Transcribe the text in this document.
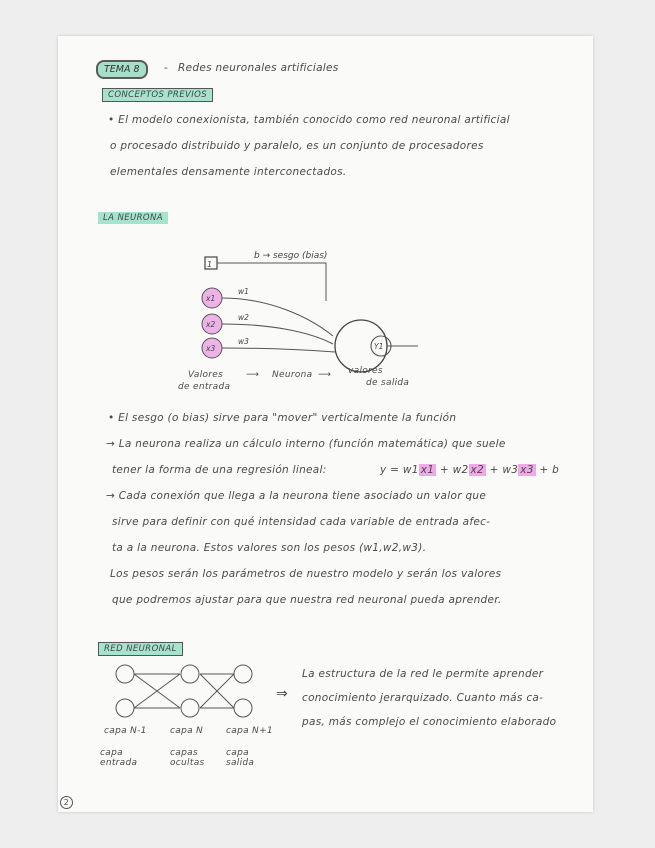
TEMA 8	- Redes neuronales artificiales
CONCEPTOS PREVIOS
• El modelo conexionista, también conocido como red neuronal artificial
o procesado distribuido y paralelo, es un conjunto de procesadores
elementales densamente interconectados.
LA NEURONA
1
b → sesgo (bias)
x1
x2
x3
w1
w2
w3
Y1
Valores
de entrada
⟶ Neurona ⟶ valores
de salida
• El sesgo (o bias) sirve para "mover" verticalmente la función
→ La neurona realiza un cálculo interno (función matemática) que suele
tener la forma de una regresión lineal:	y = w1 x1 + w2 x2 + w3 x3 + b
→ Cada conexión que llega a la neurona tiene asociado un valor que
sirve para definir con qué intensidad cada variable de entrada afec-
ta a la neurona. Estos valores son los pesos (w1,w2,w3).
Los pesos serán los parámetros de nuestro modelo y serán los valores
que podremos ajustar para que nuestra red neuronal pueda aprender.
RED NEURONAL
capa N-1	capa N	capa N+1
capa entrada
capas ocultas
capa salida
⇒
La estructura de la red le permite aprender
conocimiento jerarquizado. Cuanto más ca-
pas, más complejo el conocimiento elaborado
2
